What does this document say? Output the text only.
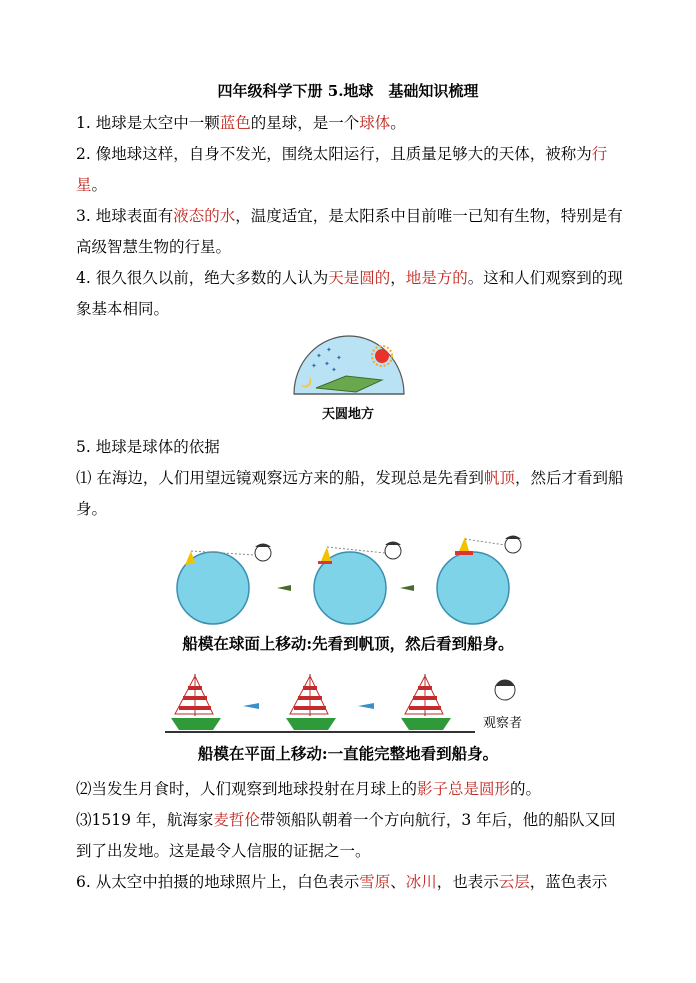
四年级科学下册 5.地球　基础知识梳理
1. 地球是太空中一颗蓝色的星球，是一个球体。
2. 像地球这样，自身不发光，围绕太阳运行，且质量足够大的天体，被称为行星。
3. 地球表面有液态的水，温度适宜，是太阳系中目前唯一已知有生物，特别是有高级智慧生物的行星。
4. 很久很久以前，绝大多数的人认为天是圆的，地是方的。这和人们观察到的现象基本相同。
✦
✦
✦
✦ ✦
✦
天圆地方
5. 地球是球体的依据
⑴ 在海边，人们用望远镜观察远方来的船，发现总是先看到帆顶，然后才看到船身。
船模在球面上移动:先看到帆顶，然后看到船身。
观察者
船模在平面上移动:一直能完整地看到船身。
⑵当发生月食时，人们观察到地球投射在月球上的影子总是圆形的。
⑶1519 年，航海家麦哲伦带领船队朝着一个方向航行，3 年后，他的船队又回到了出发地。这是最令人信服的证据之一。
6. 从太空中拍摄的地球照片上，白色表示雪原、冰川，也表示云层，蓝色表示
